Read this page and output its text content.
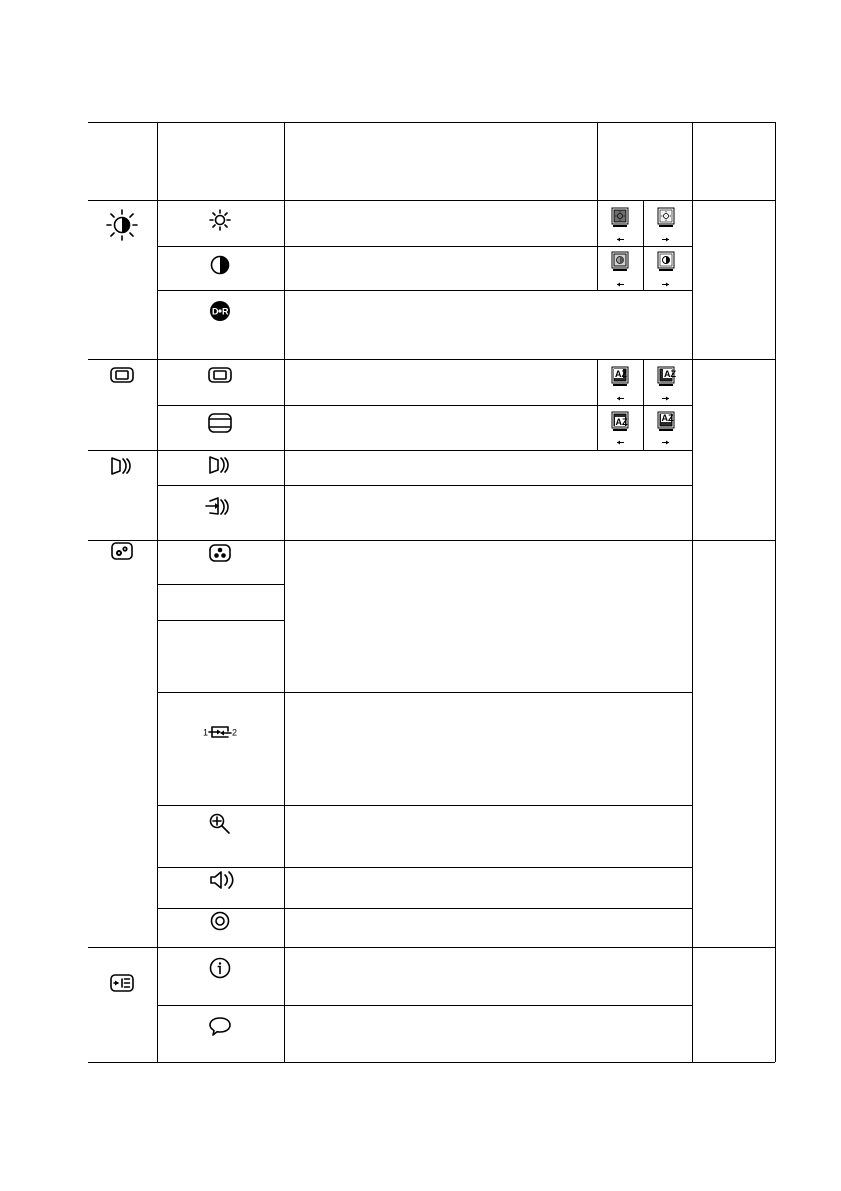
D R
1	2
AZ	AZ
AZ	AZ
